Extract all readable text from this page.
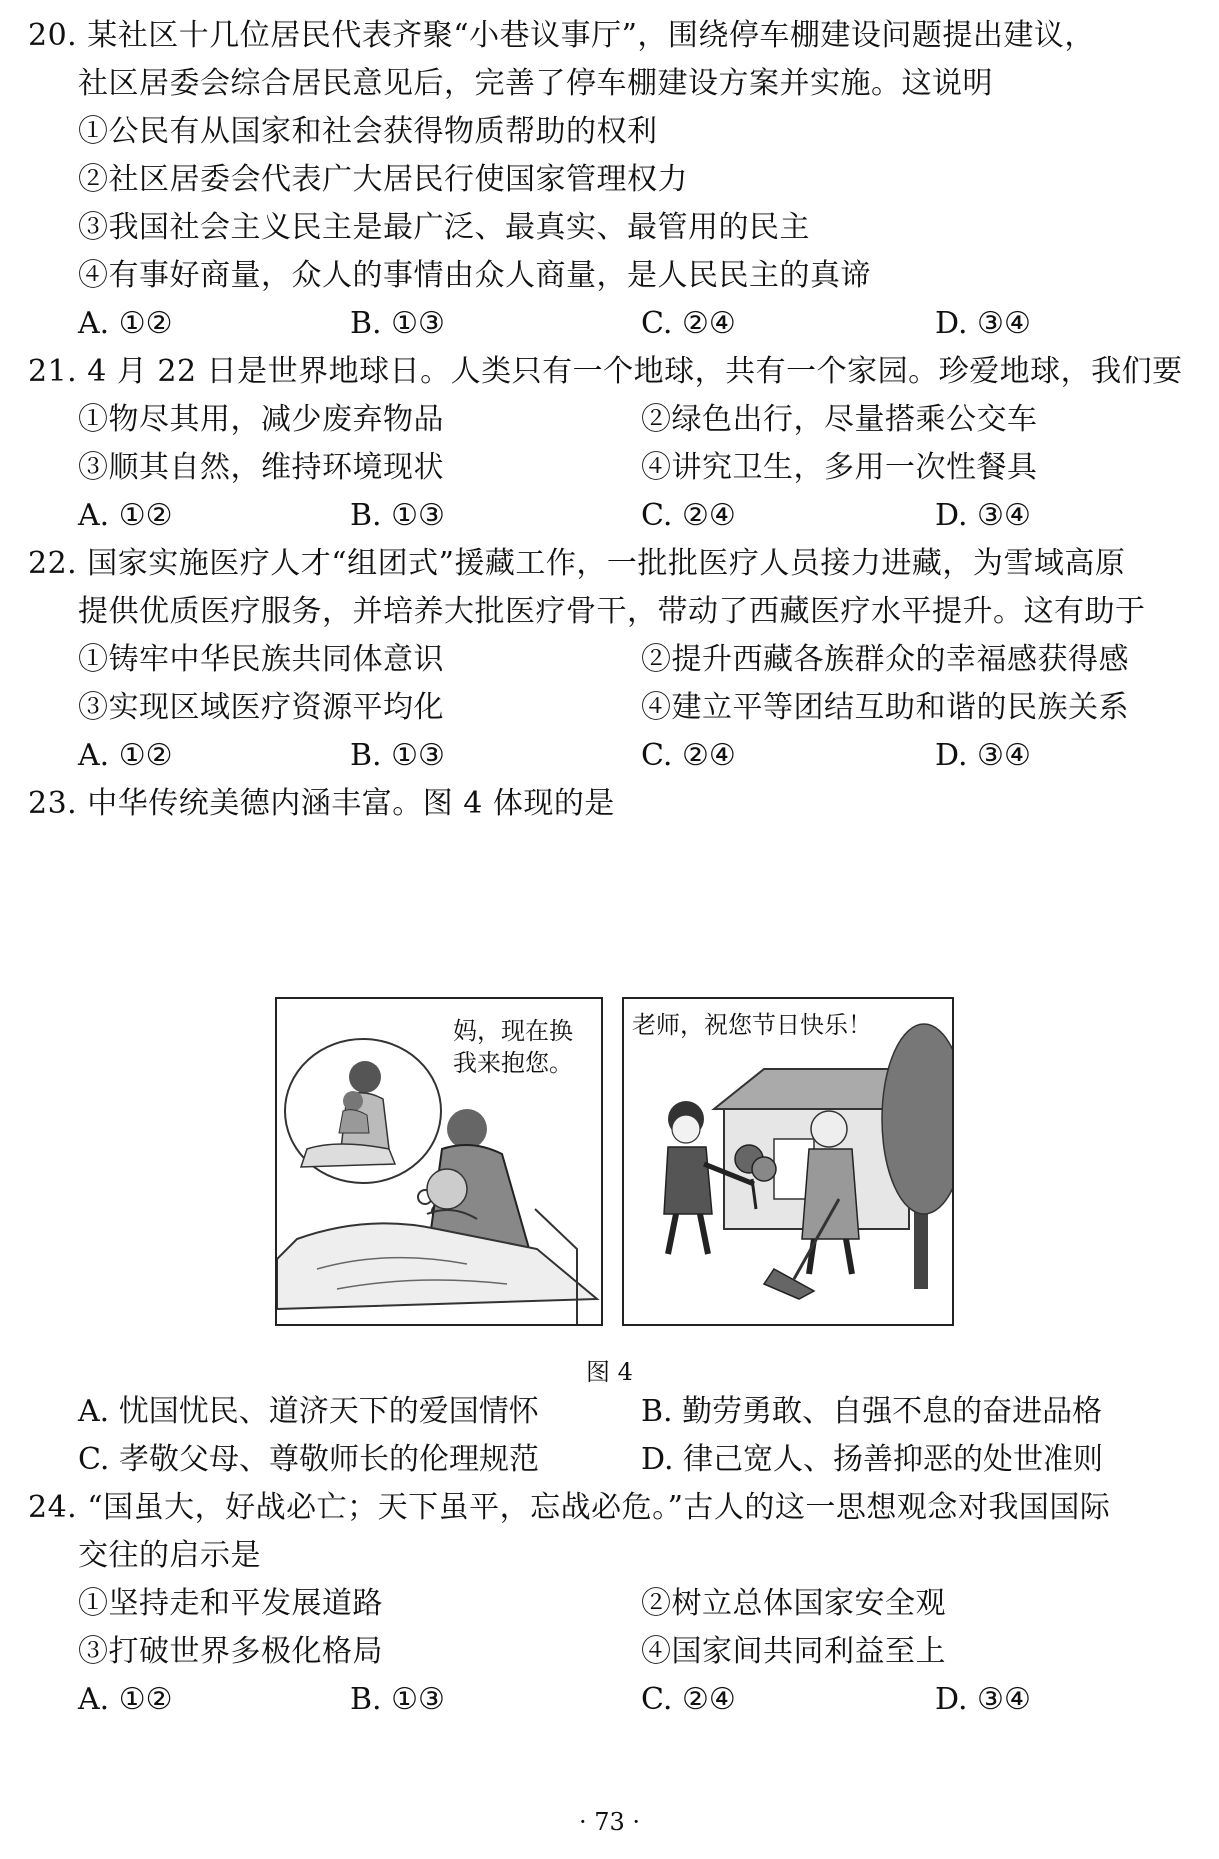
20. 某社区十几位居民代表齐聚“小巷议事厅”，围绕停车棚建设问题提出建议，
社区居委会综合居民意见后，完善了停车棚建设方案并实施。这说明
①公民有从国家和社会获得物质帮助的权利
②社区居委会代表广大居民行使国家管理权力
③我国社会主义民主是最广泛、最真实、最管用的民主
④有事好商量，众人的事情由众人商量，是人民民主的真谛
A. ①②	B. ①③	C. ②④	D. ③④
21. 4 月 22 日是世界地球日。人类只有一个地球，共有一个家园。珍爱地球，我们要
①物尽其用，减少废弃物品	②绿色出行，尽量搭乘公交车
③顺其自然，维持环境现状	④讲究卫生，多用一次性餐具
A. ①②	B. ①③	C. ②④	D. ③④
22. 国家实施医疗人才“组团式”援藏工作，一批批医疗人员接力进藏，为雪域高原
提供优质医疗服务，并培养大批医疗骨干，带动了西藏医疗水平提升。这有助于
①铸牢中华民族共同体意识	②提升西藏各族群众的幸福感获得感
③实现区域医疗资源平均化	④建立平等团结互助和谐的民族关系
A. ①②	B. ①③	C. ②④	D. ③④
23. 中华传统美德内涵丰富。图 4 体现的是
妈，现在换
我来抱您。
老师，祝您节日快乐！
图 4
A. 忧国忧民、道济天下的爱国情怀	B. 勤劳勇敢、自强不息的奋进品格
C. 孝敬父母、尊敬师长的伦理规范	D. 律己宽人、扬善抑恶的处世准则
24. “国虽大，好战必亡；天下虽平，忘战必危。”古人的这一思想观念对我国国际
交往的启示是
①坚持走和平发展道路	②树立总体国家安全观
③打破世界多极化格局	④国家间共同利益至上
A. ①②	B. ①③	C. ②④	D. ③④
· 73 ·
